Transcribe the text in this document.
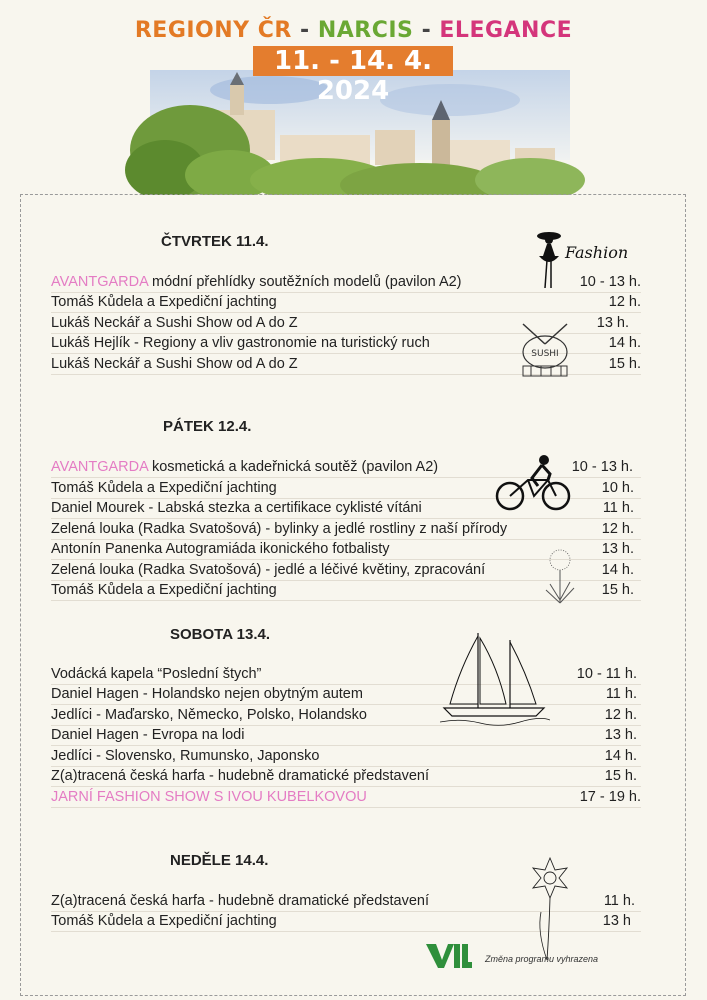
REGIONY ČR - NARCIS - ELEGANCE
11. - 14. 4. 2024
ČTVRTEK 11.4.
AVANTGARDA módní přehlídky soutěžních modelů (pavilon A2)	10 - 13 h.
Tomáš Kůdela a Expediční jachting	12 h.
Lukáš Neckář a Sushi Show od A do Z	13 h.
Lukáš Hejlík - Regiony a vliv gastronomie na turistický ruch	14 h.
Lukáš Neckář a Sushi Show od A do Z	15 h.
Fashion
SUSHI
PÁTEK 12.4.
AVANTGARDA kosmetická a kadeřnická soutěž (pavilon A2)	10 - 13 h.
Tomáš Kůdela a Expediční jachting	10 h.
Daniel Mourek - Labská stezka a certifikace cyklisté vítáni	11 h.
Zelená louka (Radka Svatošová) - bylinky a jedlé rostliny z naší přírody	12 h.
Antonín Panenka Autogramiáda ikonického fotbalisty	13 h.
Zelená louka (Radka Svatošová) - jedlé a léčivé květiny, zpracování	14 h.
Tomáš Kůdela a Expediční jachting	15 h.
SOBOTA 13.4.
Vodácká kapela “Poslední štych”	10 - 11 h.
Daniel Hagen - Holandsko nejen obytným autem	11 h.
Jedlíci - Maďarsko, Německo, Polsko, Holandsko	12 h.
Daniel Hagen - Evropa na lodi	13 h.
Jedlíci - Slovensko, Rumunsko, Japonsko	14 h.
Z(a)tracená česká harfa - hudebně dramatické představení	15 h.
JARNÍ FASHION SHOW S IVOU KUBELKOVOU	17 - 19 h.
NEDĚLE 14.4.
Z(a)tracená česká harfa - hudebně dramatické představení	11 h.
Tomáš Kůdela a Expediční jachting	13 h
Změna programu vyhrazena
